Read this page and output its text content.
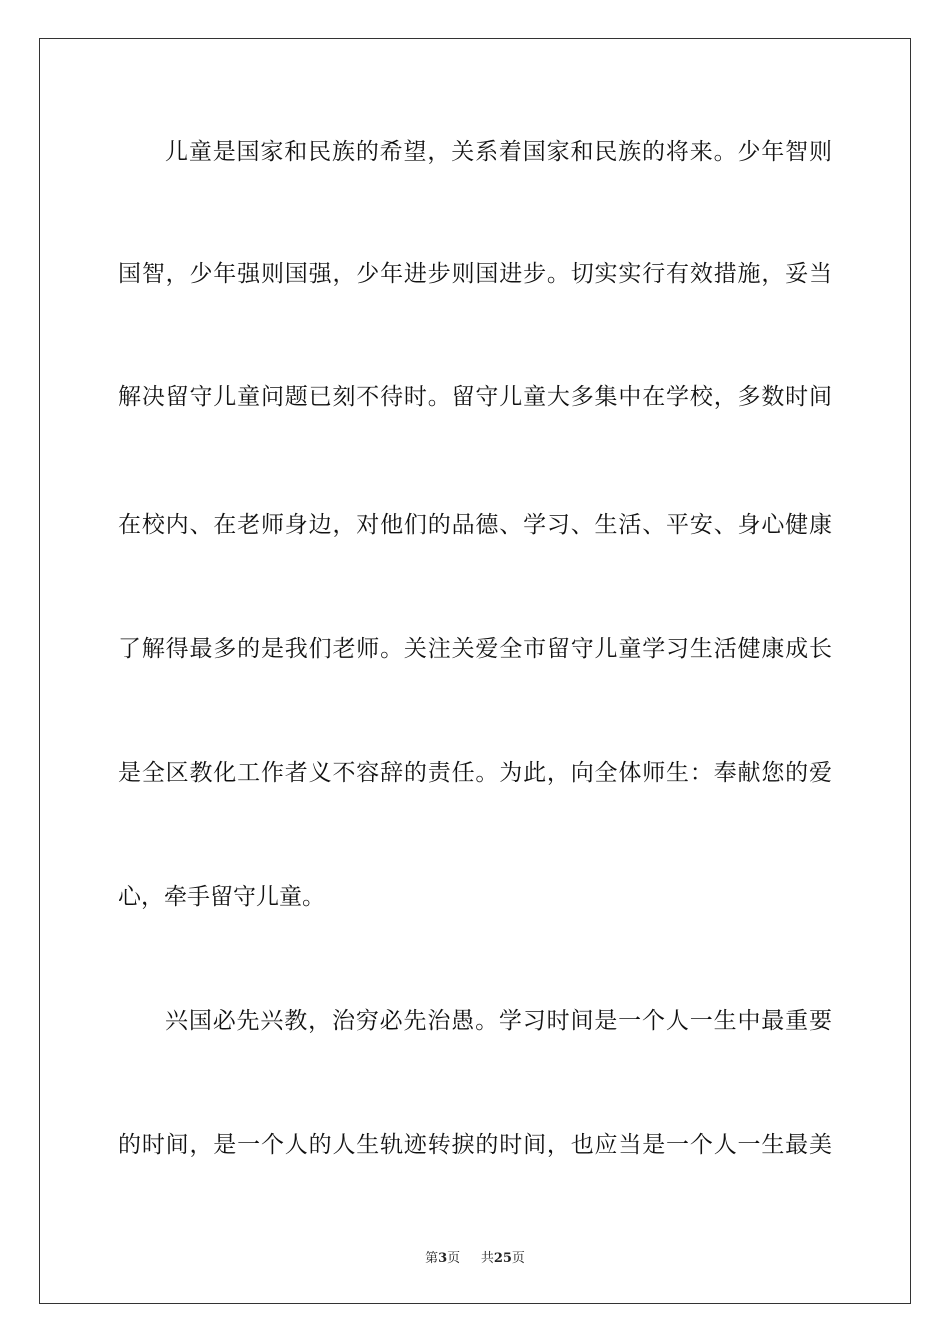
儿童是国家和民族的希望，关系着国家和民族的将来。少年智则
国智，少年强则国强，少年进步则国进步。切实实行有效措施，妥当
解决留守儿童问题已刻不待时。留守儿童大多集中在学校，多数时间
在校内、在老师身边，对他们的品德、学习、生活、平安、身心健康
了解得最多的是我们老师。关注关爱全市留守儿童学习生活健康成长
是全区教化工作者义不容辞的责任。为此，向全体师生：奉献您的爱
心，牵手留守儿童。
兴国必先兴教，治穷必先治愚。学习时间是一个人一生中最重要
的时间，是一个人的人生轨迹转捩的时间，也应当是一个人一生最美
第3页 共25页
